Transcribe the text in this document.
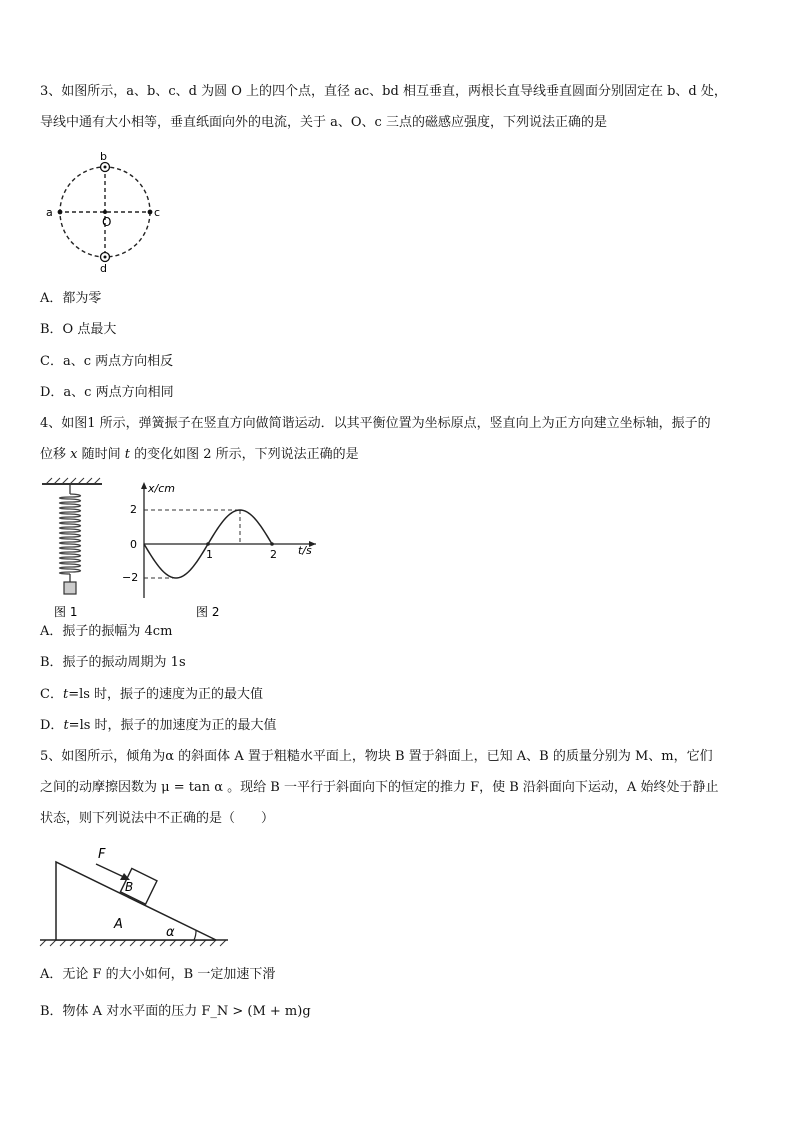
3、如图所示，a、b、c、d 为圆 O 上的四个点，直径 ac、bd 相互垂直，两根长直导线垂直圆面分别固定在 b、d 处，
导线中通有大小相等，垂直纸面向外的电流，关于 a、O、c 三点的磁感应强度，下列说法正确的是
b
d
a	c
O
A．都为零
B．O 点最大
C．a、c 两点方向相反
D．a、c 两点方向相同
4、如图1 所示，弹簧振子在竖直方向做简谐运动．以其平衡位置为坐标原点，竖直向上为正方向建立坐标轴，振子的
位移 x 随时间 t 的变化如图 2 所示，下列说法正确的是
图 1
x/cm
t/s
2
0
−2
1	2
图 2
A．振子的振幅为 4cm
B．振子的振动周期为 1s
C．t=ls 时，振子的速度为正的最大值
D．t=ls 时，振子的加速度为正的最大值
5、如图所示，倾角为α 的斜面体 A 置于粗糙水平面上，物块 B 置于斜面上，已知 A、B 的质量分别为 M、m，它们
之间的动摩擦因数为 μ = tan α 。现给 B 一平行于斜面向下的恒定的推力 F，使 B 沿斜面向下运动，A 始终处于静止
状态，则下列说法中不正确的是（　　）
F
B
A
α
A．无论 F 的大小如何，B 一定加速下滑
B．物体 A 对水平面的压力 F_N > (M + m)g
